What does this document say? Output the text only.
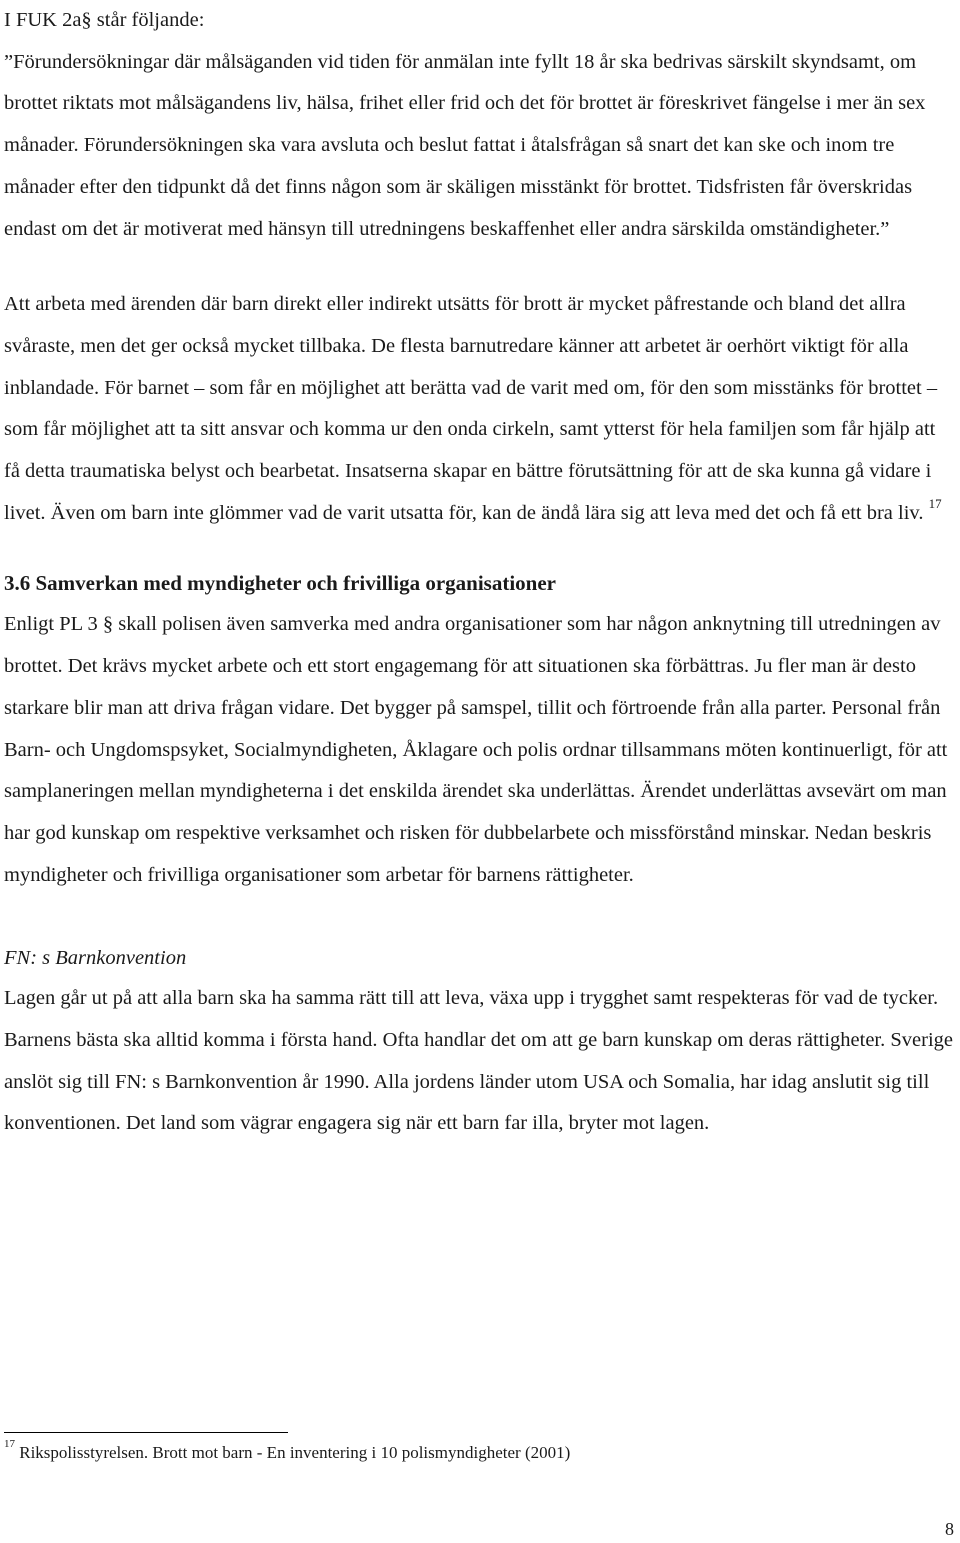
I FUK 2a§ står följande:
”Förundersökningar där målsäganden vid tiden för anmälan inte fyllt 18 år ska bedrivas särskilt skyndsamt, om brottet riktats mot målsägandens liv, hälsa, frihet eller frid och det för brottet är föreskrivet fängelse i mer än sex månader. Förundersökningen ska vara avsluta och beslut fattat i åtalsfrågan så snart det kan ske och inom tre månader efter den tidpunkt då det finns någon som är skäligen misstänkt för brottet. Tidsfristen får överskridas endast om det är motiverat med hänsyn till utredningens beskaffenhet eller andra särskilda omständigheter.”

Att arbeta med ärenden där barn direkt eller indirekt utsätts för brott är mycket påfrestande och bland det allra svåraste, men det ger också mycket tillbaka. De flesta barnutredare känner att arbetet är oerhört viktigt för alla inblandade. För barnet – som får en möjlighet att berätta vad de varit med om, för den som misstänks för brottet – som får möjlighet att ta sitt ansvar och komma ur den onda cirkeln, samt ytterst för hela familjen som får hjälp att få detta traumatiska belyst och bearbetat. Insatserna skapar en bättre förutsättning för att de ska kunna gå vidare i livet. Även om barn inte glömmer vad de varit utsatta för, kan de ändå lära sig att leva med det och få ett bra liv. $^{17}$

3.6 Samverkan med myndigheter och frivilliga organisationer

Enligt PL 3 § skall polisen även samverka med andra organisationer som har någon anknytning till utredningen av brottet. Det krävs mycket arbete och ett stort engagemang för att situationen ska förbättras. Ju fler man är desto starkare blir man att driva frågan vidare. Det bygger på samspel, tillit och förtroende från alla parter. Personal från Barn- och Ungdomspsyket, Socialmyndigheten, Åklagare och polis ordnar tillsammans möten kontinuerligt, för att samplaneringen mellan myndigheterna i det enskilda ärendet ska underlättas. Ärendet underlättas avsevärt om man har god kunskap om respektive verksamhet och risken för dubbelarbete och missförstånd minskar. Nedan beskris myndigheter och frivilliga organisationer som arbetar för barnens rättigheter.

FN: s Barnkonvention

Lagen går ut på att alla barn ska ha samma rätt till att leva, växa upp i trygghet samt respekteras för vad de tycker. Barnens bästa ska alltid komma i första hand. Ofta handlar det om att ge barn kunskap om deras rättigheter. Sverige anslöt sig till FN: s Barnkonvention år 1990. Alla jordens länder utom USA och Somalia, har idag anslutit sig till konventionen. Det land som vägrar engagera sig när ett barn far illa, bryter mot lagen.

$^{17}$ Rikspolisstyrelsen. Brott mot barn - En inventering i 10 polismyndigheter (2001)
8
